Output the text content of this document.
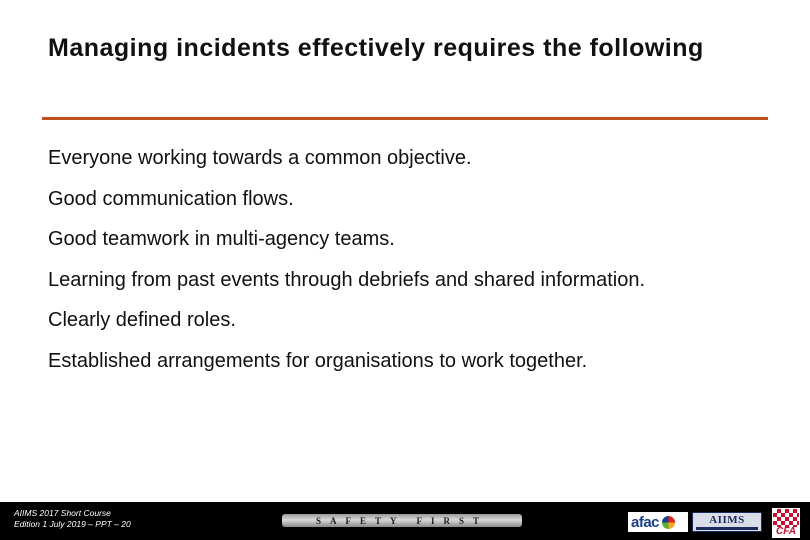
Managing incidents effectively requires the following
Everyone working towards a common objective.
Good communication flows.
Good teamwork in multi-agency teams.
Learning from past events through debriefs and shared information.
Clearly defined roles.
Established arrangements for organisations to work together.
AIIMS 2017 Short Course
Edition 1 July 2019 – PPT – 20	SAFETY FIRST	afac	AIIMS
CFA
